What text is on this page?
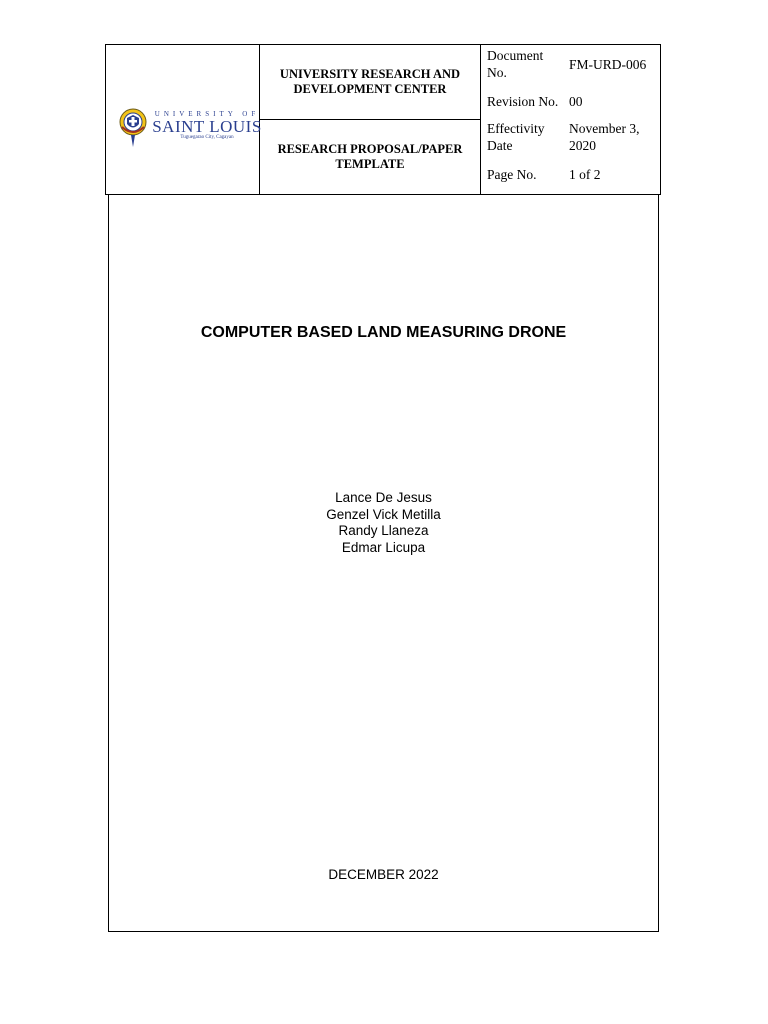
UNIVERSITY OF
SAINT LOUIS
Tuguegarao City, Cagayan
UNIVERSITY RESEARCH AND
DEVELOPMENT CENTER
RESEARCH PROPOSAL/PAPER
TEMPLATE
Document
No.
FM-URD-006
Revision No. 00
Effectivity
Date
November 3,
2020
Page No.	1 of 2
COMPUTER BASED LAND MEASURING DRONE
Lance De Jesus
Genzel Vick Metilla
Randy Llaneza
Edmar Licupa
DECEMBER 2022
